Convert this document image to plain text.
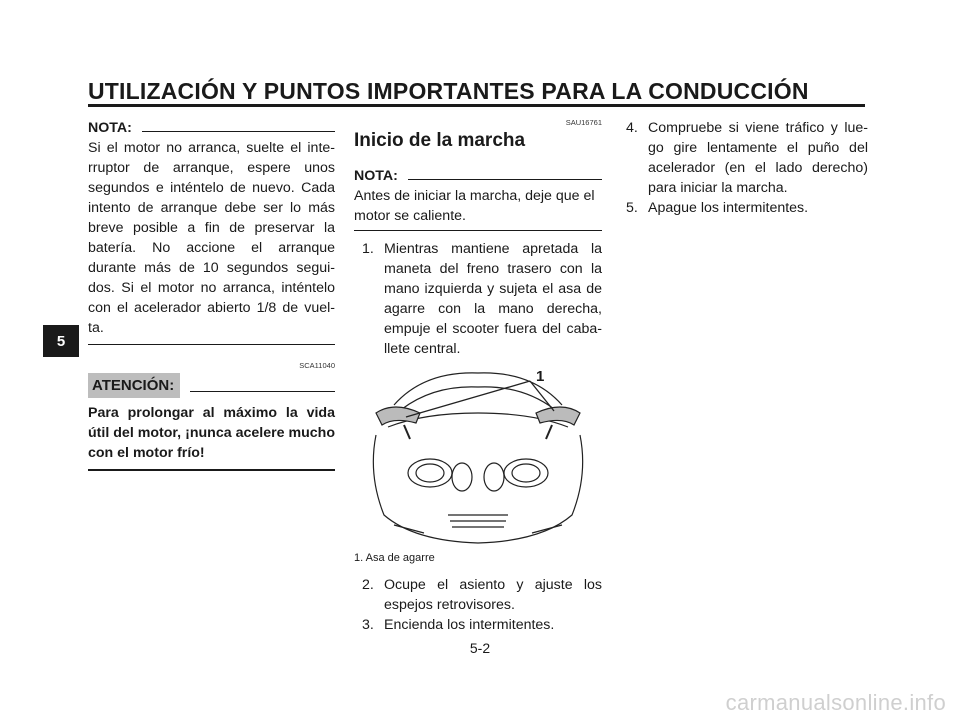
UTILIZACIÓN Y PUNTOS IMPORTANTES PARA LA CONDUCCIÓN
5
NOTA:

Si el motor no arranca, suelte el inte-rruptor de arranque, espere unos segundos e inténtelo de nuevo. Cada intento de arranque debe ser lo más breve posible a fin de preservar la batería. No accione el arranque durante más de 10 segundos segui-dos. Si el motor no arranca, inténtelo con el acelerador abierto 1/8 de vuel-ta.

SCA11040
ATENCIÓN:

Para prolongar al máximo la vida útil del motor, ¡nunca acelere mucho con el motor frío!

SAU16761
Inicio de la marcha
NOTA:

Antes de iniciar la marcha, deje que el motor se caliente.

1. Mientras mantiene apretada la maneta del freno trasero con la mano izquierda y sujeta el asa de agarre con la mano derecha, empuje el scooter fuera del caba-llete central.
1

1. Asa de agarre

2. Ocupe el asiento y ajuste los espejos retrovisores.
3. Encienda los intermitentes.
4. Compruebe si viene tráfico y lue-go gire lentamente el puño del acelerador (en el lado derecho) para iniciar la marcha.
5. Apague los intermitentes.
5-2
carmanualsonline.info
